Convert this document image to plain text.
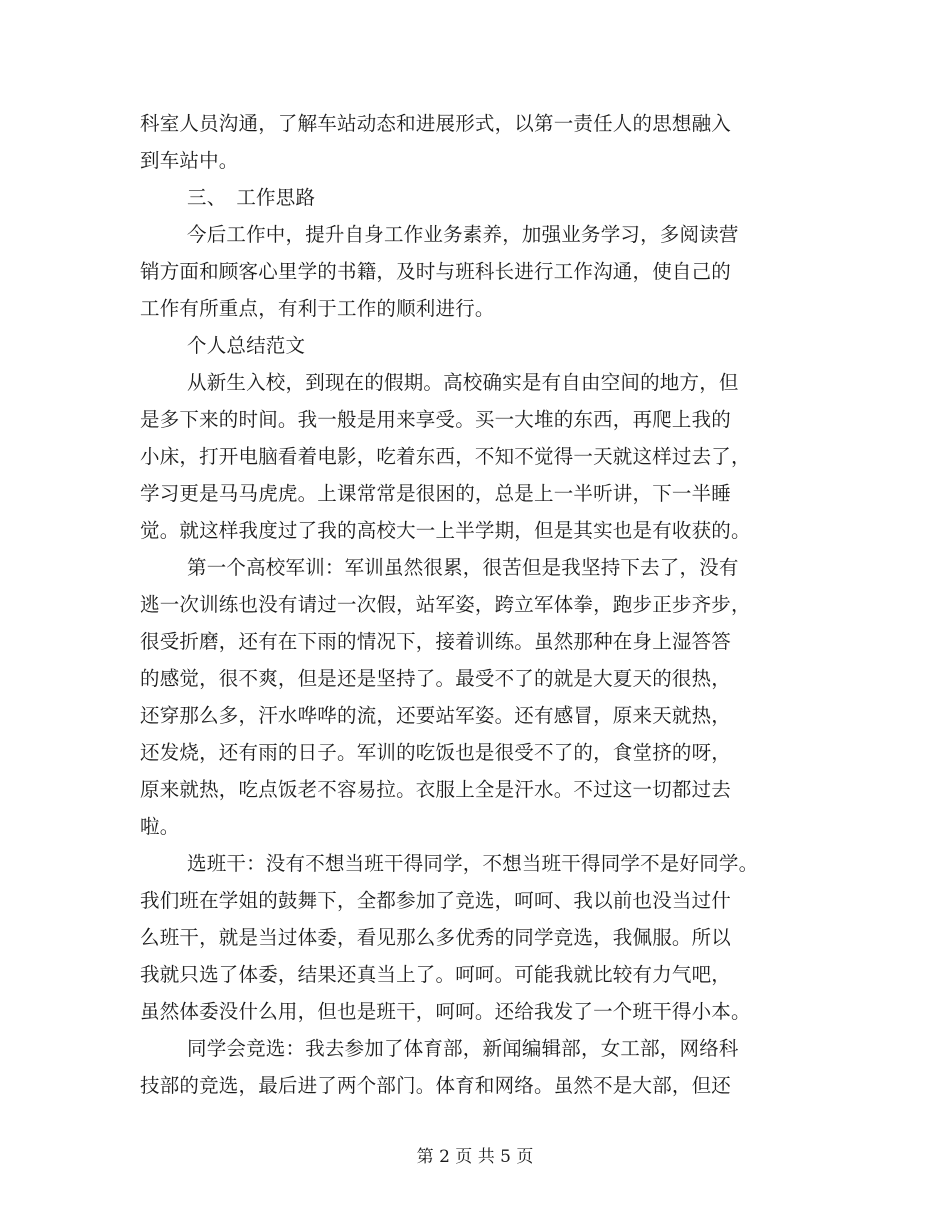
科室人员沟通，了解车站动态和进展形式，以第一责任人的思想融入
到车站中。
三、　工作思路
今后工作中，提升自身工作业务素养，加强业务学习，多阅读营
销方面和顾客心里学的书籍，及时与班科长进行工作沟通，使自己的
工作有所重点，有利于工作的顺利进行。
个人总结范文
从新生入校，到现在的假期。高校确实是有自由空间的地方，但
是多下来的时间。我一般是用来享受。买一大堆的东西，再爬上我的
小床，打开电脑看着电影，吃着东西，不知不觉得一天就这样过去了，
学习更是马马虎虎。上课常常是很困的，总是上一半听讲，下一半睡
觉。就这样我度过了我的高校大一上半学期，但是其实也是有收获的。
第一个高校军训：军训虽然很累，很苦但是我坚持下去了，没有
逃一次训练也没有请过一次假，站军姿，跨立军体拳，跑步正步齐步，
很受折磨，还有在下雨的情况下，接着训练。虽然那种在身上湿答答
的感觉，很不爽，但是还是坚持了。最受不了的就是大夏天的很热，
还穿那么多，汗水哗哗的流，还要站军姿。还有感冒，原来天就热，
还发烧，还有雨的日子。军训的吃饭也是很受不了的，食堂挤的呀，
原来就热，吃点饭老不容易拉。衣服上全是汗水。不过这一切都过去
啦。
选班干：没有不想当班干得同学，不想当班干得同学不是好同学。
我们班在学姐的鼓舞下，全都参加了竞选，呵呵、我以前也没当过什
么班干，就是当过体委，看见那么多优秀的同学竞选，我佩服。所以
我就只选了体委，结果还真当上了。呵呵。可能我就比较有力气吧，
虽然体委没什么用，但也是班干，呵呵。还给我发了一个班干得小本。
同学会竞选：我去参加了体育部，新闻编辑部，女工部，网络科
技部的竞选，最后进了两个部门。体育和网络。虽然不是大部，但还
第 2 页 共 5 页
